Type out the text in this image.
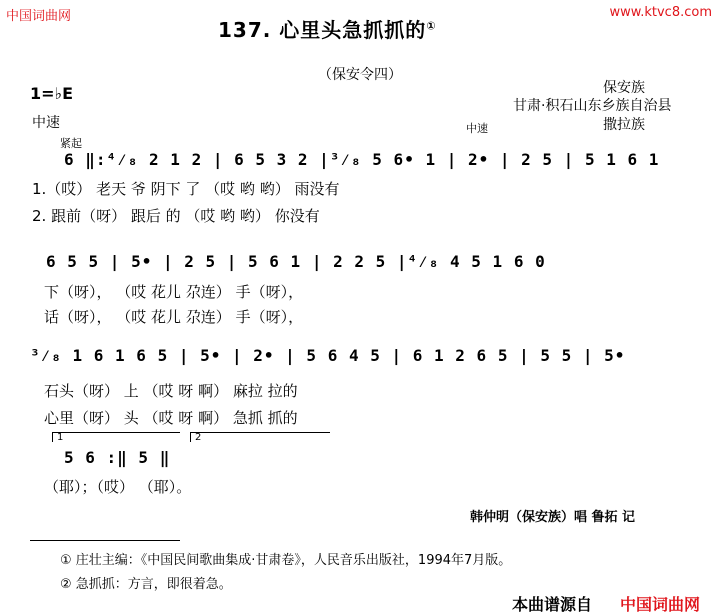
中国词曲网	www.ktvc8.com
137. 心里头急抓抓的①
（保安令四）
保安族
甘肃·积石山东乡族自治县
撒拉族
1=♭E
中速
紧起
中速
6 ‖:⁴⁄₈ 2 1 2 | 6 5 3 2 |³⁄₈ 5 6• 1 | 2• | 2 5 | 5 1 6 1
1.（哎） 老天 爷 阴下 了 （哎 哟 哟） 雨没有
2. 跟前（呀） 跟后 的 （哎 哟 哟） 你没有
6 5 5 | 5• | 2 5 | 5 6 1 | 2 2 5 |⁴⁄₈ 4 5 1 6 0
下（呀）， （哎 花儿 尕连） 手（呀），
话（呀）， （哎 花儿 尕连） 手（呀），
³⁄₈ 1 6 1 6 5 | 5• | 2• | 5 6 4 5 | 6 1 2 6 5 | 5 5 | 5•
石头（呀） 上 （哎 呀 啊） 麻拉 拉的
心里（呀） 头 （哎 呀 啊） 急抓 抓的
1	2
5 6 :‖ 5 ‖
（耶）；（哎） （耶）。
韩仲明（保安族）唱 鲁拓 记
① 庄壮主编：《中国民间歌曲集成·甘肃卷》，人民音乐出版社，1994年7月版。
② 急抓抓：方言，即很着急。
本曲谱源自 中国词曲网
